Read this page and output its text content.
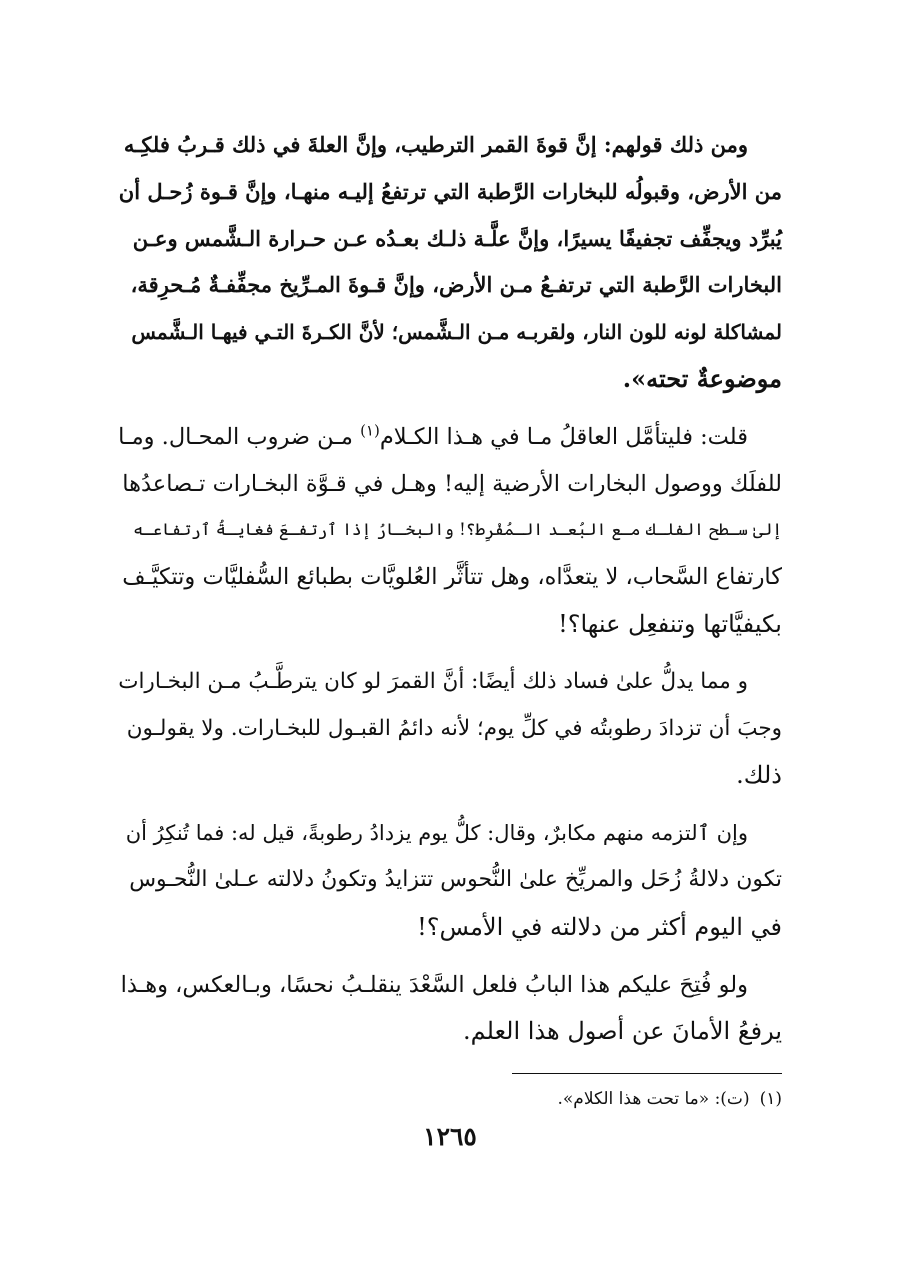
ومن ذلك قولهم: إنَّ قوةَ القمر الترطيب، وإنَّ العلةَ في ذلك قـربُ فلكِـه
من الأرض، وقبولُه للبخارات الرَّطبة التي ترتفعُ إليـه منهـا، وإنَّ قـوة زُحـل أن
يُبرِّد ويجفِّف تجفيفًا يسيرًا، وإنَّ علَّـة ذلـك بعـدُه عـن حـرارة الـشَّمس وعـن
البخارات الرَّطبة التي ترتفـعُ مـن الأرض، وإنَّ قـوةَ المـرِّيخ مجفِّفـةٌ مُـحرِقة،
لمشاكلة لونه للون النار، ولقربـه مـن الـشَّمس؛ لأنَّ الكـرةَ التـي فيهـا الـشَّمس
موضوعةٌ تحته».

قلت: فليتأمَّل العاقلُ مـا في هـذا الكـلام$^{(١)}$ مـن ضروب المحـال. ومـا
للفلَك ووصول البخارات الأرضية إليه! وهـل في قـوَّة البخـارات تـصاعدُها
إلىٰ سـطح الفلـك مـع البُعـد الـمُفْرِط؟! والبخـارُ إذا ٱرتفـعَ فغايـةُ ٱرتفاعـه
كارتفاع السَّحاب، لا يتعدَّاه، وهل تتأثَّر العُلويَّات بطبائع السُّفليَّات وتتكيَّـف
بكيفيَّاتها وتنفعِل عنها؟!

و مما يدلُّ علىٰ فساد ذلك أيضًا: أنَّ القمرَ لو كان يترطَّـبُ مـن البخـارات
وجبَ أن تزدادَ رطوبتُه في كلِّ يوم؛ لأنه دائمُ القبـول للبخـارات. ولا يقولـون
ذلك.

وإن ٱلتزمه منهم مكابرٌ، وقال: كلُّ يوم يزدادُ رطوبةً، قيل له: فما تُنكِرُ أن
تكون دلالةُ زُحَل والمريِّخ علىٰ النُّحوس تتزايدُ وتكونُ دلالته عـلىٰ النُّحـوس
في اليوم أكثر من دلالته في الأمس؟!

ولو فُتِحَ عليكم هذا البابُ فلعل السَّعْدَ ينقلـبُ نحسًا، وبـالعكس، وهـذا
يرفعُ الأمانَ عن أصول هذا العلم.

(١)(ت): «ما تحت هذا الكلام».
١٢٦٥
